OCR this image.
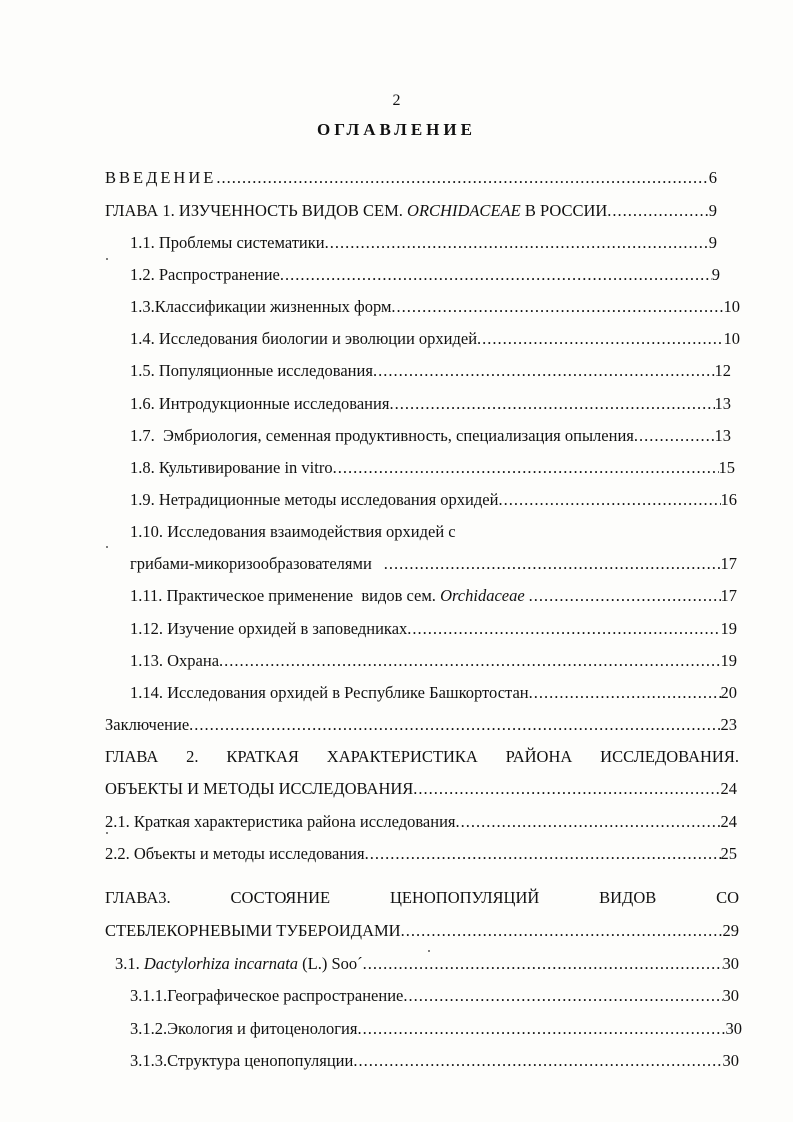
2
ОГЛАВЛЕНИЕ
ВВЕДЕНИЕ .....	6
ГЛАВА 1. ИЗУЧЕННОСТЬ ВИДОВ СЕМ. ORCHIDACEAE В РОССИИ .....	9
1.1. Проблемы систематики .....	9
1.2. Распространение .....	9
1.3.Классификации жизненных форм .....	10
1.4. Исследования биологии и эволюции орхидей .....	10
1.5. Популяционные исследования .....	12
1.6. Интродукционные исследования .....	13
1.7.  Эмбриология, семенная продуктивность, специализация опыления .....	13
1.8. Культивирование in vitro .....	15
1.9. Нетрадиционные методы исследования орхидей .....	16
1.10. Исследования взаимодействия орхидей с
грибами-микоризообразователями .....	17
1.11. Практическое применение  видов сем. Orchidaceae .....	17
1.12. Изучение орхидей в заповедниках .....	19
1.13. Охрана .....	19
1.14. Исследования орхидей в Республике Башкортостан .....	20
Заключение .....	23
ГЛАВА 2. КРАТКАЯ ХАРАКТЕРИСТИКА РАЙОНА ИССЛЕДОВАНИЯ.
ОБЪЕКТЫ И МЕТОДЫ ИССЛЕДОВАНИЯ .....	24
2.1. Краткая характеристика района исследования .....	24
2.2. Объекты и методы исследования .....	25
ГЛАВА3.	СОСТОЯНИЕ	ЦЕНОПОПУЛЯЦИЙ	ВИДОВ	СО
СТЕБЛЕКОРНЕВЫМИ ТУБЕРОИДАМИ .....	29
3.1. Dactylorhiza incarnata (L.) Soo´ .....	30
3.1.1.Географическое распространение .....	30
3.1.2.Экология и фитоценология .....	30
3.1.3.Структура ценопопуляции .....	30
